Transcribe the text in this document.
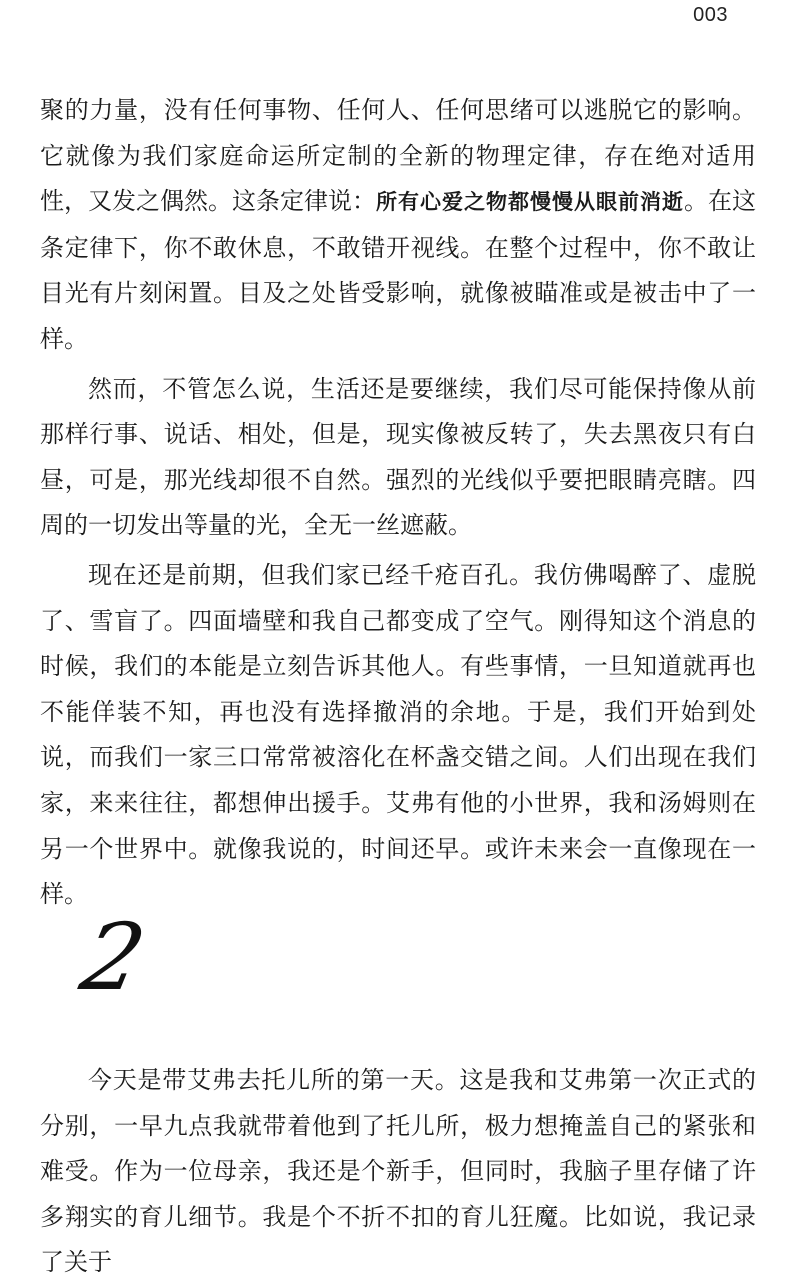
003

聚的力量，没有任何事物、任何人、任何思绪可以逃脱它的影响。它就像为我们家庭命运所定制的全新的物理定律，存在绝对适用性，又发之偶然。这条定律说：所有心爱之物都慢慢从眼前消逝。在这条定律下，你不敢休息，不敢错开视线。在整个过程中，你不敢让目光有片刻闲置。目及之处皆受影响，就像被瞄准或是被击中了一样。

然而，不管怎么说，生活还是要继续，我们尽可能保持像从前那样行事、说话、相处，但是，现实像被反转了，失去黑夜只有白昼，可是，那光线却很不自然。强烈的光线似乎要把眼睛亮瞎。四周的一切发出等量的光，全无一丝遮蔽。

现在还是前期，但我们家已经千疮百孔。我仿佛喝醉了、虚脱了、雪盲了。四面墙壁和我自己都变成了空气。刚得知这个消息的时候，我们的本能是立刻告诉其他人。有些事情，一旦知道就再也不能佯装不知，再也没有选择撤消的余地。于是，我们开始到处说，而我们一家三口常常被溶化在杯盏交错之间。人们出现在我们家，来来往往，都想伸出援手。艾弗有他的小世界，我和汤姆则在另一个世界中。就像我说的，时间还早。或许未来会一直像现在一样。

2

今天是带艾弗去托儿所的第一天。这是我和艾弗第一次正式的分别，一早九点我就带着他到了托儿所，极力想掩盖自己的紧张和难受。作为一位母亲，我还是个新手，但同时，我脑子里存储了许多翔实的育儿细节。我是个不折不扣的育儿狂魔。比如说，我记录了关于
